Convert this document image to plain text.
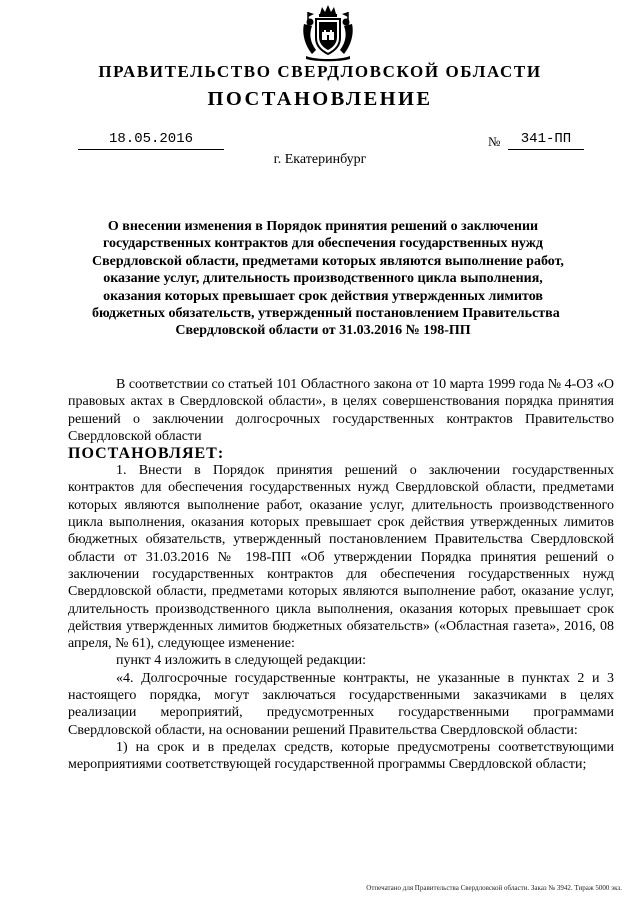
ПРАВИТЕЛЬСТВО СВЕРДЛОВСКОЙ ОБЛАСТИ
ПОСТАНОВЛЕНИЕ
18.05.2016	№	341-ПП
г. Екатеринбург
О внесении изменения в Порядок принятия решений о заключении
государственных контрактов для обеспечения государственных нужд
Свердловской области, предметами которых являются выполнение работ,
оказание услуг, длительность производственного цикла выполнения,
оказания которых превышает срок действия утвержденных лимитов
бюджетных обязательств, утвержденный постановлением Правительства
Свердловской области от 31.03.2016 № 198-ПП

В соответствии со статьей 101 Областного закона от 10 марта 1999 года № 4-ОЗ «О правовых актах в Свердловской области», в целях совершенствования порядка принятия решений о заключении долгосрочных государственных контрактов Правительство Свердловской области

ПОСТАНОВЛЯЕТ:

1. Внести в Порядок принятия решений о заключении государственных контрактов для обеспечения государственных нужд Свердловской области, предметами которых являются выполнение работ, оказание услуг, длительность производственного цикла выполнения, оказания которых превышает срок действия утвержденных лимитов бюджетных обязательств, утвержденный постановлением Правительства Свердловской области от 31.03.2016 № 198-ПП «Об утверждении Порядка принятия решений о заключении государственных контрактов для обеспечения государственных нужд Свердловской области, предметами которых являются выполнение работ, оказание услуг, длительность производственного цикла выполнения, оказания которых превышает срок действия утвержденных лимитов бюджетных обязательств» («Областная газета», 2016, 08 апреля, № 61), следующее изменение:

пункт 4 изложить в следующей редакции:

«4. Долгосрочные государственные контракты, не указанные в пунктах 2 и 3 настоящего порядка, могут заключаться государственными заказчиками в целях реализации мероприятий, предусмотренных государственными программами Свердловской области, на основании решений Правительства Свердловской области:

1) на срок и в пределах средств, которые предусмотрены соответствующими мероприятиями соответствующей государственной программы Свердловской области;

Отпечатано для Правительства Свердловской области. Заказ № 3942. Тираж 5000 экз.
